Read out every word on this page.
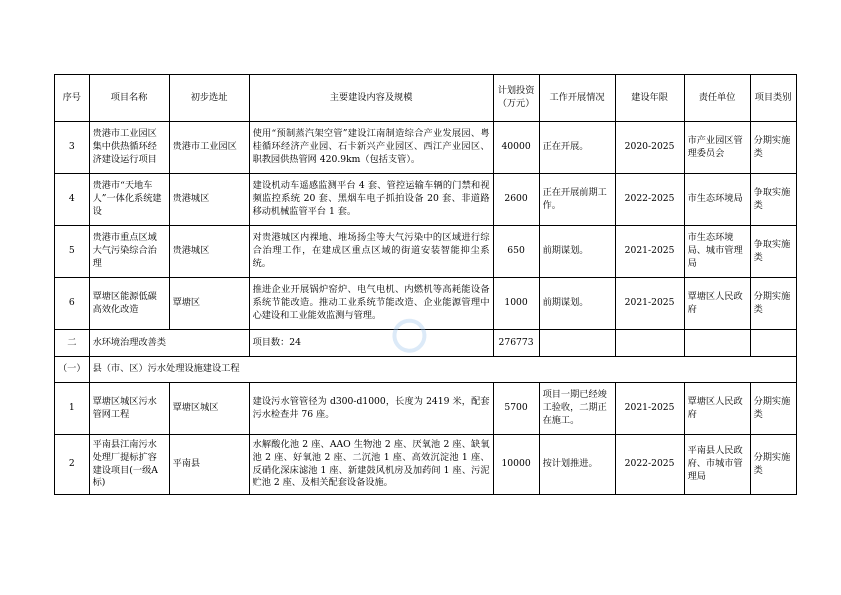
序号	项目名称	初步选址	主要建设内容及规模	计划投资（万元）	工作开展情况	建设年限	责任单位	项目类别
3	贵港市工业园区集中供热循环经济建设运行项目	贵港市工业园区	使用“预制蒸汽架空管”建设江南制造综合产业发展园、粤桂循环经济产业园、石卡新兴产业园区、西江产业园区、职教园供热管网 420.9km（包括支管）。	40000	正在开展。	2020-2025	市产业园区管理委员会	分期实施类
4	贵港市“天地车人”一体化系统建设	贵港城区	建设机动车遥感监测平台 4 套、管控运输车辆的门禁和视频监控系统 20 套、黑烟车电子抓拍设备 20 套、非道路移动机械监管平台 1 套。	2600	正在开展前期工作。	2022-2025	市生态环境局	争取实施类
5	贵港市重点区域大气污染综合治理	贵港城区	对贵港城区内裸地、堆场扬尘等大气污染中的区域进行综合治理工作，在建成区重点区域的街道安装智能抑尘系统。	650	前期谋划。	2021-2025	市生态环境局、城市管理局	争取实施类
6	覃塘区能源低碳高效化改造	覃塘区	推进企业开展锅炉窑炉、电气电机、内燃机等高耗能设备系统节能改造。推动工业系统节能改造、企业能源管理中心建设和工业能效监测与管理。	1000	前期谋划。	2021-2025	覃塘区人民政府	分期实施类
二	水环境治理改善类		项目数：24	276773				
（一）	县（市、区）污水处理设施建设工程							
1	覃塘区城区污水管网工程	覃塘区城区	建设污水管管径为 d300-d1000，长度为 2419 米，配套污水检查井 76 座。	5700	项目一期已经竣工验收，二期正在施工。	2021-2025	覃塘区人民政府	分期实施类
2	平南县江南污水处理厂提标扩容建设项目(一级A标)	平南县	水解酸化池 2 座、AAO 生物池 2 座、厌氧池 2 座、缺氧池 2 座、好氧池 2 座、二沉池 1 座、高效沉淀池 1 座、反硝化深床滤池 1 座、新建鼓风机房及加药间 1 座、污泥贮池 2 座、及相关配套设备设施。	10000	按计划推进。	2022-2025	平南县人民政府、市城市管理局	分期实施类
